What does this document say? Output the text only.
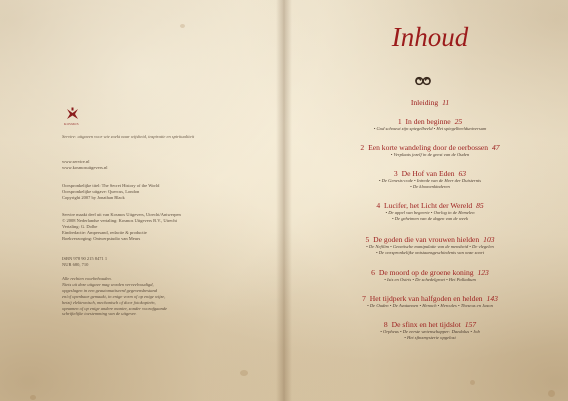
KOSMOS
Servire: uitgaven voor wie zoekt naar wijsheid, inspiratie en spiritualiteit
www.servire.nl
www.kosmosuitgevers.nl
Oorspronkelijke titel: The Secret History of the World
Oorspronkelijke uitgave: Quercus, London
Copyright 2007 by Jonathan Black
Servire maakt deel uit van Kosmos Uitgevers, Utrecht/Antwerpen
© 2008 Nederlandse vertaling: Kosmos Uitgevers B.V., Utrecht
Vertaling: G. Dolbe
Eindredactie: Ampersand, redactie & productie
Boekverzorging: Ontwerpstudio van Meurs
ISBN 978 90 215 8471 1
NUR 680, 710
Alle rechten voorbehouden.
Niets uit deze uitgave mag worden verveelvoudigd,
opgeslagen in een geautomatiseerd gegevensbestand
en/of openbaar gemaakt, in enige vorm of op enige wijze,
hetzij elektronisch, mechanisch of door fotokopieën,
opnamen of op enige andere manier, zonder voorafgaande
schriftelijke toestemming van de uitgever.
Inhoud
Inleiding 11
1 In den beginne 25
• God schouwt zijn spiegelbeeld • Het spiegelbeelduniversum
2 Een korte wandeling door de oerbossen 47
• Verplaats jezelf in de geest van de Ouden
3 De Hof van Eden 63
• De Genesis-code • Intrede van de Heer der Duisternis
• De kloonenkinderen
4 Lucifer, het Licht der Wereld 85
• De appel van begeerte • Oorlog in de Hemelen
• De geheimen van de dagen van de week
5 De goden die van vrouwen hielden 103
• De Nefilim • Genetische manipulatie van de mensheid • De vlegelen
• De oorspronkelijke ontstaansgeschiedenis van onze soort
6 De moord op de groene koning 123
• Isis en Osiris • De schedelgroet • Het Palladium
7 Het tijdperk van halfgoden en helden 143
• De Ouden • De Avatanoen • Henoch • Hercules • Theseus en Jason
8 De sfinx en het tijdslot 157
• Orpheus • De eerste wetenschapper: Daedalus • Job
• Het sfinxmysterie opgelost
